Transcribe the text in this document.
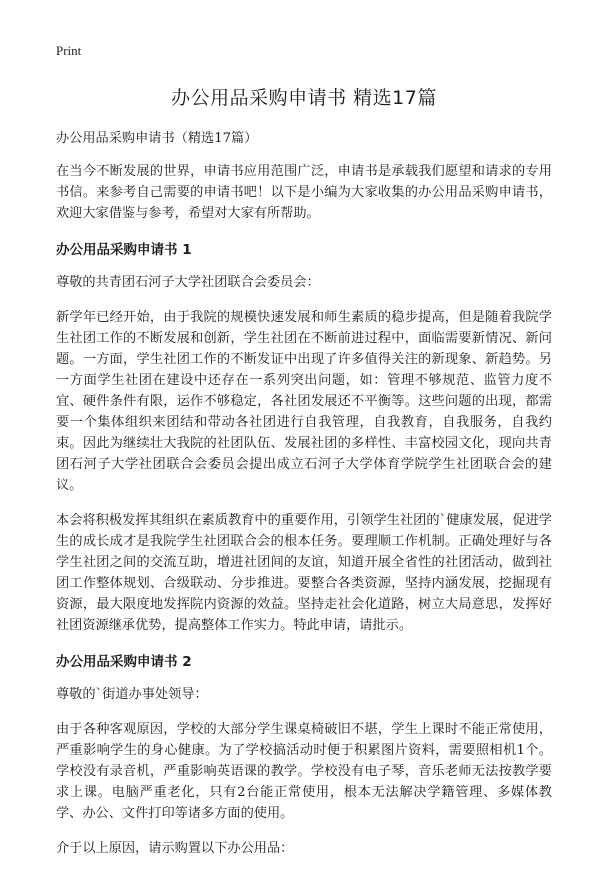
Print
办公用品采购申请书 精选17篇

办公用品采购申请书（精选17篇）

在当今不断发展的世界，申请书应用范围广泛，申请书是承载我们愿望和请求的专用书信。来参考自己需要的申请书吧！以下是小编为大家收集的办公用品采购申请书，欢迎大家借鉴与参考，希望对大家有所帮助。

办公用品采购申请书 1

尊敬的共青团石河子大学社团联合会委员会：

新学年已经开始，由于我院的规模快速发展和师生素质的稳步提高，但是随着我院学生社团工作的不断发展和创新，学生社团在不断前进过程中，面临需要新情况、新问题。一方面，学生社团工作的不断发证中出现了许多值得关注的新现象、新趋势。另一方面学生社团在建设中还存在一系列突出问题，如：管理不够规范、监管力度不宜、硬件条件有限，运作不够稳定，各社团发展还不平衡等。这些问题的出现，都需要一个集体组织来团结和带动各社团进行自我管理，自我教育，自我服务，自我约束。因此为继续壮大我院的社团队伍、发展社团的多样性、丰富校园文化，现向共青团石河子大学社团联合会委员会提出成立石河子大学体育学院学生社团联合会的建议。

本会将积极发挥其组织在素质教育中的重要作用，引领学生社团的`健康发展，促进学生的成长成才是我院学生社团联合会的根本任务。要理顺工作机制。正确处理好与各学生社团之间的交流互助，增进社团间的友谊，知道开展全省性的社团活动，做到社团工作整体规划、合级联动、分步推进。要整合各类资源，坚持内涵发展，挖掘现有资源，最大限度地发挥院内资源的效益。坚持走社会化道路，树立大局意思，发挥好社团资源继承优势，提高整体工作实力。特此申请，请批示。

办公用品采购申请书 2

尊敬的`街道办事处领导：

由于各种客观原因，学校的大部分学生课桌椅破旧不堪，学生上课时不能正常使用，严重影响学生的身心健康。为了学校搞活动时便于积累图片资料，需要照相机1个。学校没有录音机，严重影响英语课的教学。学校没有电子琴，音乐老师无法按教学要求上课。电脑严重老化，只有2台能正常使用，根本无法解决学籍管理、多媒体教学、办公、文件打印等诸多方面的使用。

介于以上原因，请示购置以下办公用品：
